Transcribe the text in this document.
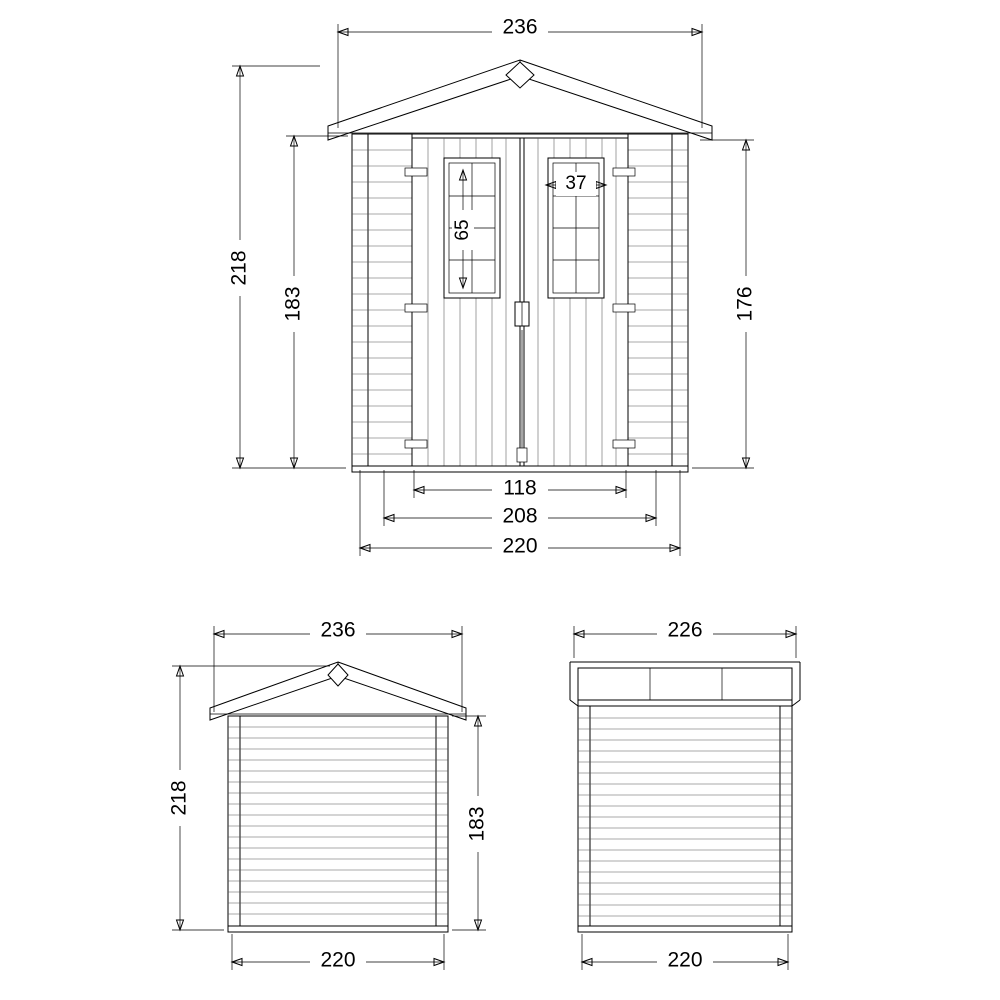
236
218
183	176
65
37
118
208
220
236
218
183
220
226
220
